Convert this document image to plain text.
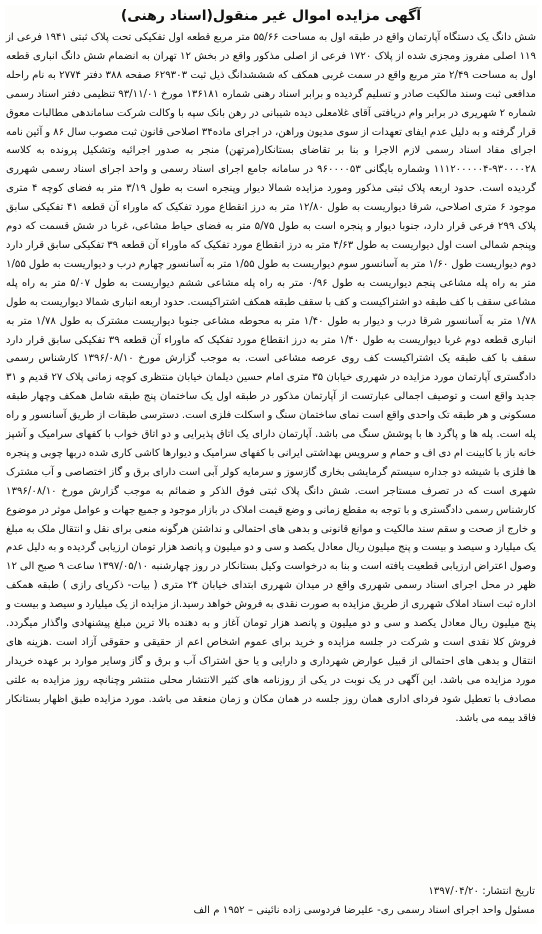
آگهی مزایده اموال غیر منقول(اسناد رهنی)

شش دانگ یک دستگاه آپارتمان واقع در طبقه اول به مساحت ۵۵/۶۶ متر مربع قطعه اول تفکیکی تحت پلاک ثبتی ۱۹۴۱ فرعی از ۱۱۹ اصلی مفروز ومجزی شده از پلاک ۱۷۲۰ فرعی از اصلی مذکور واقع در بخش ۱۲ تهران به انضمام شش دانگ انباری قطعه اول به مساحت ۲/۴۹ متر مربع واقع در سمت غربی همکف که شششدانگ ذیل ثبت ۶۲۹۳۰۳ صفحه ۳۸۸ دفتر ۲۷۷۴ به نام راحله مدافعی ثبت وسند مالکیت صادر و تسلیم گردیده و برابر اسناد رهنی شماره ۱۳۶۱۸۱ مورخ ۹۳/۱۱/۰۱ تنظیمی دفتر اسناد رسمی شماره ۲ شهریری در برابر وام دریافتی آقای غلامعلی دیده شیبانی در رهن بانک سپه با وکالت شرکت ساماندهی مطالبات معوق قرار گرفته و به دلیل عدم ایفای تعهدات از سوی مدیون وراهن، در اجرای ماده۳۴ اصلاحی قانون ثبت مصوب سال ۸۶ و آئین نامه اجرای مفاد اسناد رسمی لازم الاجرا و بنا بر تقاضای بستانکار(مرتهن) منجر به صدور اجرائیه وتشکیل پرونده به کلاسه ۹۳۰۰۰۰۲۸-۱۱۱۲۰۰۰۰۰۴ وشماره بایگانی ۹۶۰۰۰۰۵۳ در سامانه جامع اجرای اسناد رسمی و واحد اجرای اسناد رسمی شهرری گردیده است. حدود اربعه پلاک ثبتی مذکور ومورد مزایده شمالا دیوار وپنجره است به طول ۳/۱۹ متر به فضای کوچه ۴ متری موجود ۶ متری اصلاحی، شرقا دیواریست به طول ۱۲/۸۰ متر به درز انقطاع مورد تفکیک که ماوراء آن قطعه ۴۱ تفکیکی سابق پلاک ۲۹۹ فرعی قرار دارد، جنوبا دیوار و پنجره است به طول ۵/۷۵ متر به فضای حیاط مشاعی، غربا در شش قسمت که دوم وپنجم شمالی است اول دیواریست به طول ۴/۶۳ متر به درز انقطاع مورد تفکیک که ماوراء آن قطعه ۳۹ تفکیکی سابق قرار دارد دوم دیواریست طول ۱/۶۰ متر به آسانسور سوم دیواریست به طول ۱/۵۵ متر به آسانسور چهارم درب و دیواریست به طول ۱/۵۵ متر به راه پله مشاعی پنجم دیواریست به طول ۰/۹۶ متر به راه پله مشاعی ششم دیواریست به طول ۵/۰۷ متر به راه پله مشاعی سقف با کف طبقه دو اشتراکیست و کف با سقف طبقه همکف اشتراکیست. حدود اربعه انباری شمالا دیواریست به طول ۱/۷۸ متر به آسانسور شرقا درب و دیوار به طول ۱/۴۰ متر به محوطه مشاعی جنوبا دیواریست مشترک به طول ۱/۷۸ متر به انباری قطعه دوم غربا دیواریست به طول ۱/۴۰ متر به درز انقطاع مورد تفکیک که ماوراء آن قطعه ۳۹ تفکیکی سابق قرار دارد سقف با کف طبقه یک اشتراکیست کف روی عرصه مشاعی است. به موجب گزارش مورخ ۱۳۹۶/۰۸/۱۰ کارشناس رسمی دادگستری آپارتمان مورد مزایده در شهرری خیابان ۳۵ متری امام حسین دیلمان خیابان منتظری کوچه زمانی پلاک ۲۷ قدیم و ۳۱ جدید واقع است و توصیف اجمالی عبارتست از آپارتمان مذکور در طبقه اول یک ساختمان پنج طبقه شامل همکف وچهار طبقه مسکونی و هر طبقه تک واحدی واقع است نمای ساختمان سنگ و اسکلت فلزی است. دسترسی طبقات از طریق آسانسور و راه پله است. پله ها و پاگرد ها با پوشش سنگ می باشد. آپارتمان دارای یک اتاق پذیرایی و دو اتاق خواب با کفهای سرامیک و آشپز خانه باز با کابینت ام دی اف و حمام و سرویس بهداشتی ایرانی با کفهای سرامیک و دیوارها کاشی کاری شده دربها چوبی و پنجره ها فلزی با شیشه دو جداره سیستم گرمایشی بخاری گازسوز و سرمایه کولر آبی است دارای برق و گاز اختصاصی و آب مشترک شهری است که در تصرف مستاجر است. شش دانگ پلاک ثبتی فوق الذکر و ضمائم به موجب گزارش مورخ ۱۳۹۶/۰۸/۱۰ کارشناس رسمی دادگستری و با توجه به مقطع زمانی و وضع قیمت املاک در بازار موجود و جمیع جهات و عوامل موثر در موضوع و خارج از صحت و سقم سند مالکیت و موانع قانونی و بدهی های احتمالی و نداشتن هرگونه منعی برای نقل و انتقال ملک به مبلغ یک میلیارد و سیصد و بیست و پنج میلیون ریال معادل یکصد و سی و دو میلیون و پانصد هزار تومان ارزیابی گردیده و به دلیل عدم وصول اعتراض ارزیابی قطعیت یافته است و بنا به درخواست وکیل بستانکار در روز چهارشنبه ۱۳۹۷/۰۵/۱۰ ساعت ۹ صبح الی ۱۲ ظهر در محل اجرای اسناد رسمی شهرری واقع در میدان شهرری ابتدای خیابان ۲۴ متری ( بیات- ذکریای رازی ) طبقه همکف اداره ثبت اسناد املاک شهرری از طریق مزایده به صورت نقدی به فروش خواهد رسید.از مزایده از یک میلیارد و سیصد و بیست و پنج میلیون ریال معادل یکصد و سی و دو میلیون و پانصد هزار تومان آغاز و به دهنده بالا ترین مبلغ پیشنهادی واگذار میگردد. فروش کلا نقدی است و شرکت در جلسه مزایده و خرید برای عموم اشخاص اعم از حقیقی و حقوقی آزاد است .هزینه های انتقال و بدهی های احتمالی از قبیل عوارض شهرداری و دارایی و یا حق اشتراک آب و برق و گاز وسایر موارد بر عهده خریدار مورد مزایده می باشد. این آگهی در یک نوبت در یکی از روزنامه های کثیر الانتشار محلی منتشر وچنانچه روز مزایده به علتی مصادف با تعطیل شود فردای اداری همان روز جلسه در همان مکان و زمان منعقد می باشد. مورد مزایده طبق اظهار بستانکار فاقد بیمه می باشد.

تاریخ انتشار: ۱۳۹۷/۰۴/۲۰
مسئول واحد اجرای اسناد رسمی ری- علیرضا فردوسی زاده نائینی – ۱۹۵۲ م الف
